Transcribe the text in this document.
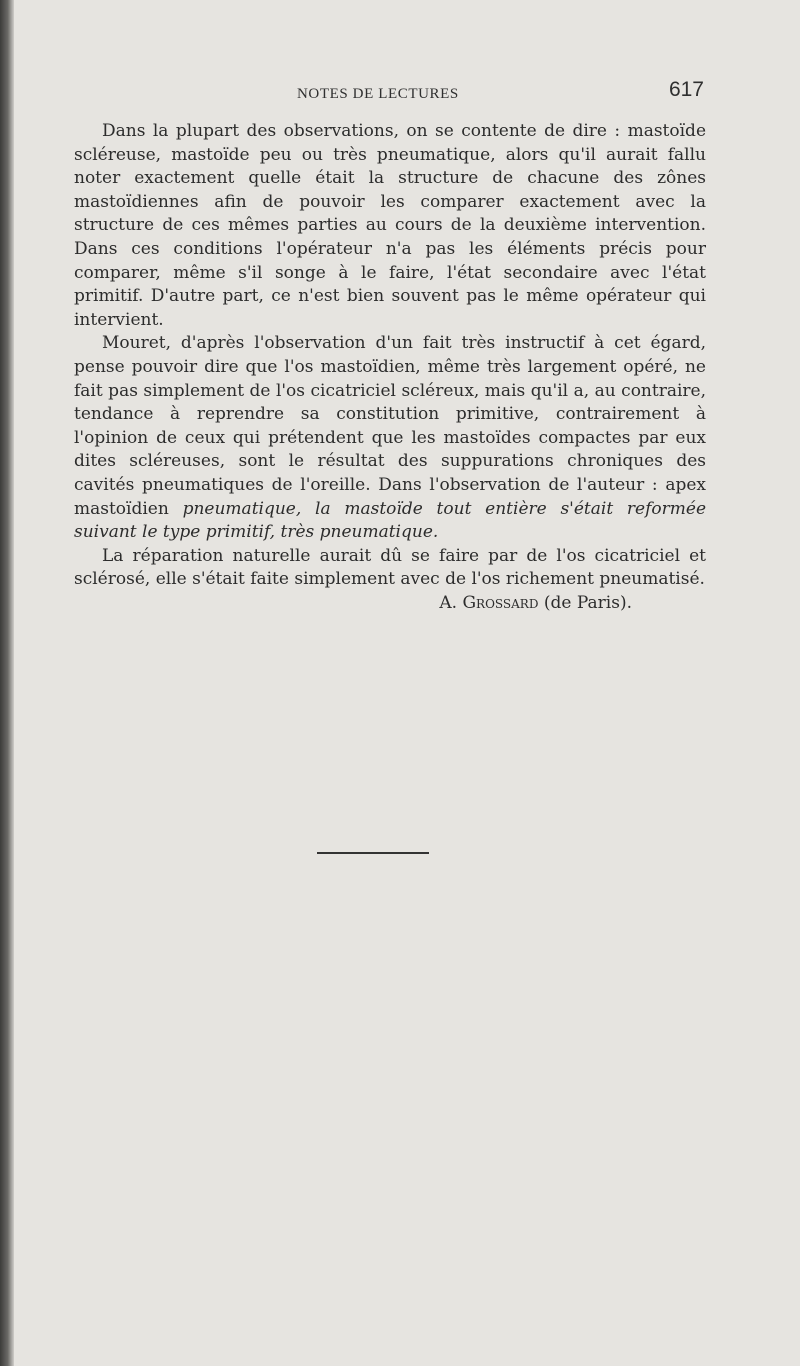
NOTES DE LECTURES	617

Dans la plupart des observations, on se contente de dire : mastoïde scléreuse, mastoïde peu ou très pneumatique, alors qu'il aurait fallu noter exactement quelle était la structure de chacune des zônes mastoïdiennes afin de pouvoir les comparer exactement avec la structure de ces mêmes parties au cours de la deuxième intervention. Dans ces conditions l'opérateur n'a pas les éléments précis pour comparer, même s'il songe à le faire, l'état secondaire avec l'état primitif. D'autre part, ce n'est bien souvent pas le même opérateur qui intervient.

Mouret, d'après l'observation d'un fait très instructif à cet égard, pense pouvoir dire que l'os mastoïdien, même très largement opéré, ne fait pas simplement de l'os cicatriciel scléreux, mais qu'il a, au contraire, tendance à reprendre sa constitution primitive, contrairement à l'opinion de ceux qui prétendent que les mastoïdes compactes par eux dites scléreuses, sont le résultat des suppurations chroniques des cavités pneumatiques de l'oreille. Dans l'observation de l'auteur : apex mastoïdien pneumatique, la mastoïde tout entière s'était reformée suivant le type primitif, très pneumatique.

La réparation naturelle aurait dû se faire par de l'os cicatriciel et sclérosé, elle s'était faite simplement avec de l'os richement pneumatisé.

A. Grossard (de Paris).
